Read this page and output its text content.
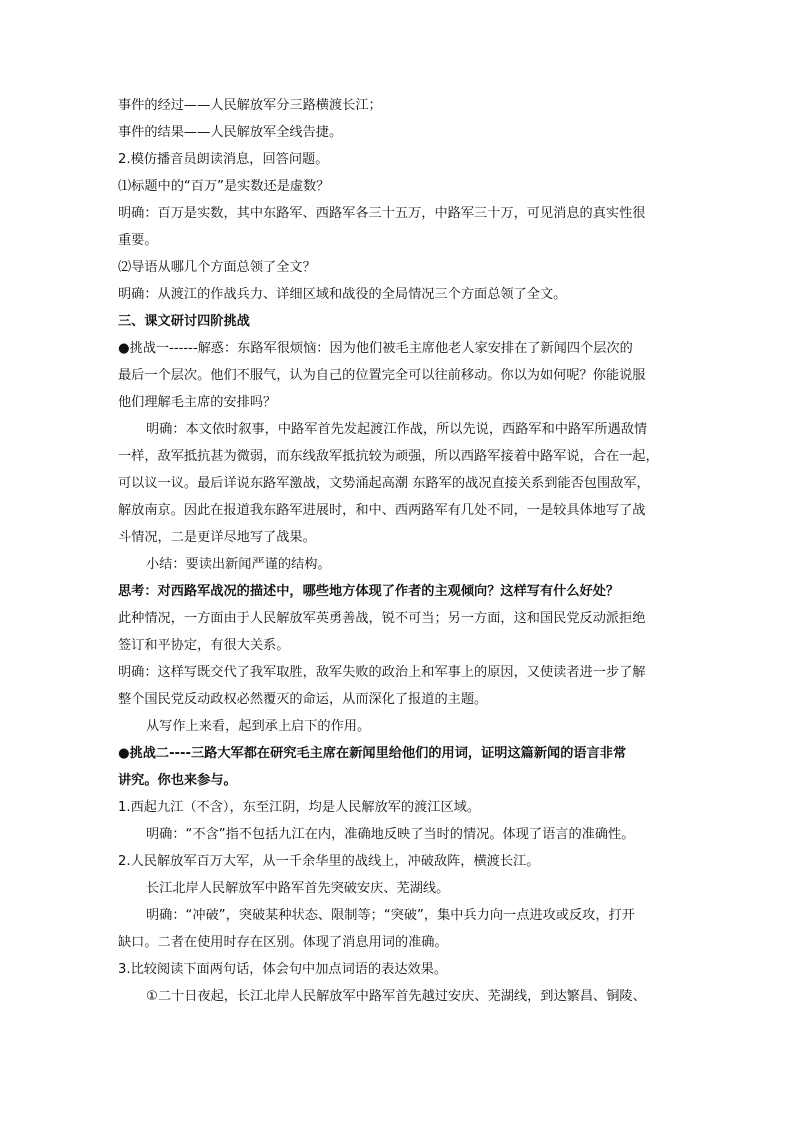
事件的经过——人民解放军分三路横渡长江；
事件的结果——人民解放军全线告捷。
2.模仿播音员朗读消息，回答问题。
⑴标题中的“百万”是实数还是虚数？
明确：百万是实数，其中东路军、西路军各三十五万，中路军三十万，可见消息的真实性很
重要。
⑵导语从哪几个方面总领了全文？
明确：从渡江的作战兵力、详细区域和战役的全局情况三个方面总领了全文。
三、课文研讨四阶挑战
●挑战一------解惑：东路军很烦恼：因为他们被毛主席他老人家安排在了新闻四个层次的
最后一个层次。他们不服气，认为自己的位置完全可以往前移动。你以为如何呢？你能说服
他们理解毛主席的安排吗？
明确：本文依时叙事，中路军首先发起渡江作战，所以先说，西路军和中路军所遇敌情
一样，敌军抵抗甚为微弱，而东线敌军抵抗较为顽强，所以西路军接着中路军说，合在一起，
可以议一议。最后详说东路军激战，文势涌起高潮 东路军的战况直接关系到能否包围敌军，
解放南京。因此在报道我东路军进展时，和中、西两路军有几处不同，一是较具体地写了战
斗情况，二是更详尽地写了战果。
小结：要读出新闻严谨的结构。
思考：对西路军战况的描述中，哪些地方体现了作者的主观倾向？这样写有什么好处？
此种情况，一方面由于人民解放军英勇善战，锐不可当；另一方面，这和国民党反动派拒绝
签订和平协定，有很大关系。
明确：这样写既交代了我军取胜，敌军失败的政治上和军事上的原因，又使读者进一步了解
整个国民党反动政权必然覆灭的命运，从而深化了报道的主题。
从写作上来看，起到承上启下的作用。
●挑战二----三路大军都在研究毛主席在新闻里给他们的用词，证明这篇新闻的语言非常
讲究。你也来参与。
1.西起九江（不含），东至江阴，均是人民解放军的渡江区域。
明确：“不含”指不包括九江在内，准确地反映了当时的情况。体现了语言的准确性。
2.人民解放军百万大军，从一千余华里的战线上，冲破敌阵，横渡长江。
长江北岸人民解放军中路军首先突破安庆、芜湖线。
明确：“冲破”，突破某种状态、限制等；“突破”，集中兵力向一点进攻或反攻，打开
缺口。二者在使用时存在区别。体现了消息用词的准确。
3.比较阅读下面两句话，体会句中加点词语的表达效果。
①二十日夜起，长江北岸人民解放军中路军首先越过安庆、芜湖线，到达繁昌、铜陵、
